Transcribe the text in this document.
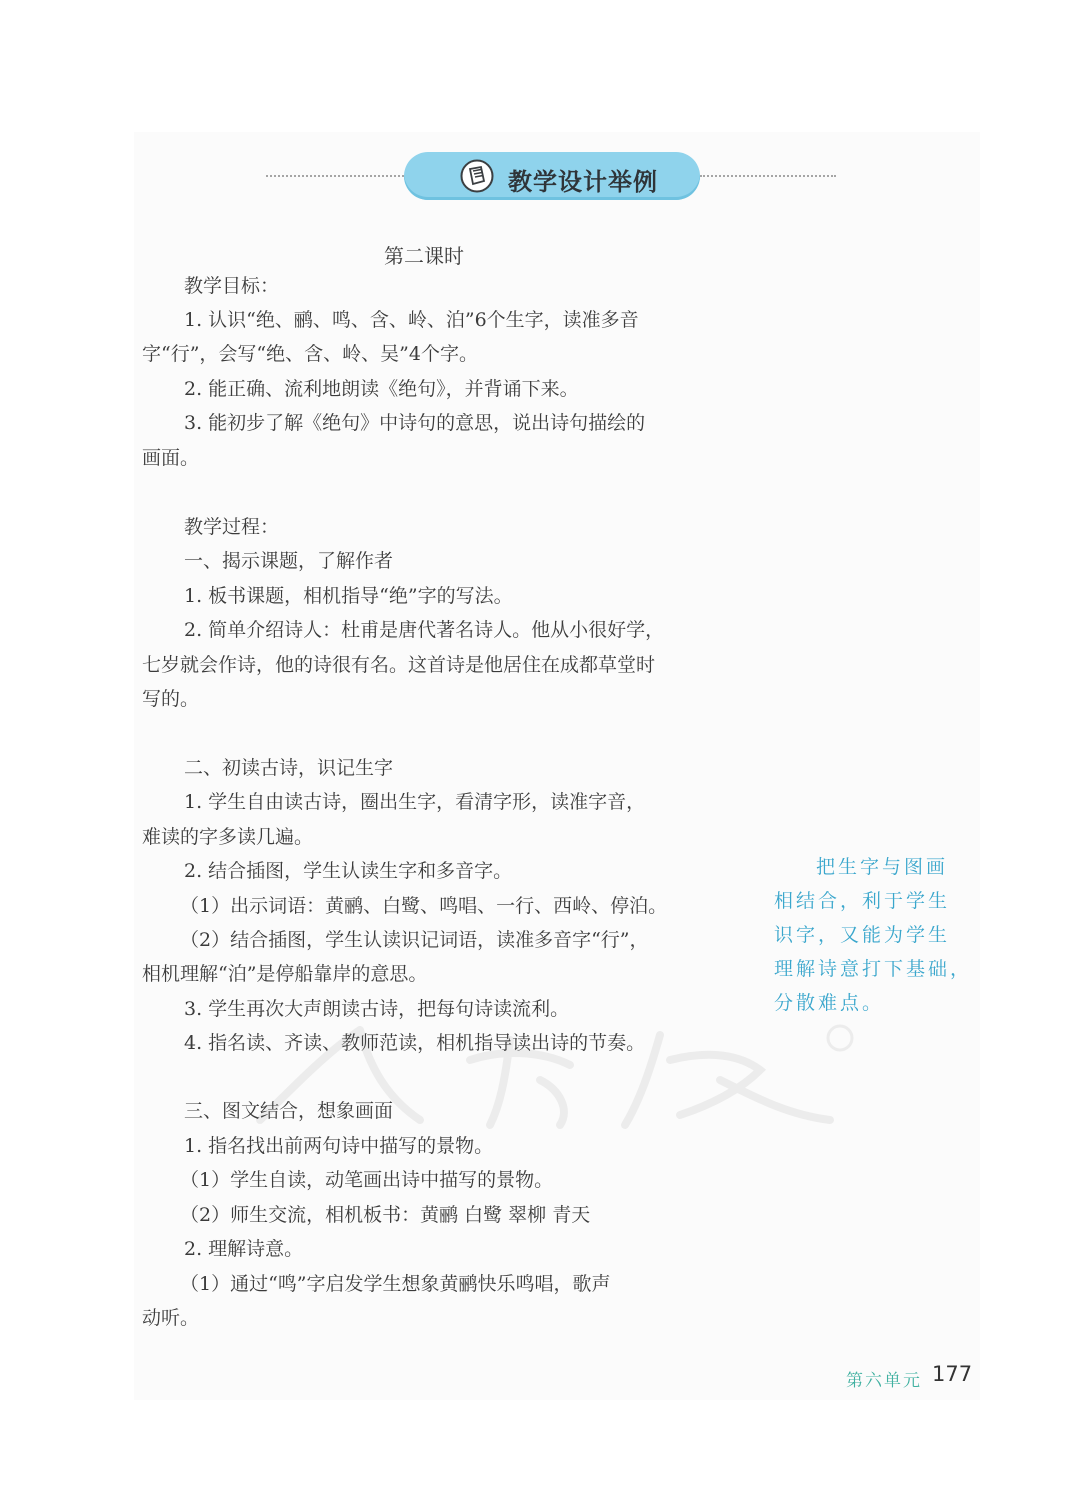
教学设计举例
第二课时
教学目标：
1. 认识“绝、鹂、鸣、含、岭、泊”6个生字，读准多音
字“行”，会写“绝、含、岭、吴”4个字。
2. 能正确、流利地朗读《绝句》，并背诵下来。
3. 能初步了解《绝句》中诗句的意思，说出诗句描绘的
画面。
教学过程：
一、揭示课题，了解作者
1. 板书课题，相机指导“绝”字的写法。
2. 简单介绍诗人：杜甫是唐代著名诗人。他从小很好学，
七岁就会作诗，他的诗很有名。这首诗是他居住在成都草堂时
写的。
二、初读古诗，识记生字
1. 学生自由读古诗，圈出生字，看清字形，读准字音，
难读的字多读几遍。
2. 结合插图，学生认读生字和多音字。
（1）出示词语：黄鹂、白鹭、鸣唱、一行、西岭、停泊。
（2）结合插图，学生认读识记词语，读准多音字“行”，
相机理解“泊”是停船靠岸的意思。
3. 学生再次大声朗读古诗，把每句诗读流利。
4. 指名读、齐读、教师范读，相机指导读出诗的节奏。
三、图文结合，想象画面
1. 指名找出前两句诗中描写的景物。
（1）学生自读，动笔画出诗中描写的景物。
（2）师生交流，相机板书：黄鹂 白鹭 翠柳 青天
2. 理解诗意。
（1）通过“鸣”字启发学生想象黄鹂快乐鸣唱，歌声
动听。
把生字与图画
相结合，利于学生
识字，又能为学生
理解诗意打下基础，
分散难点。
第六单元 177
